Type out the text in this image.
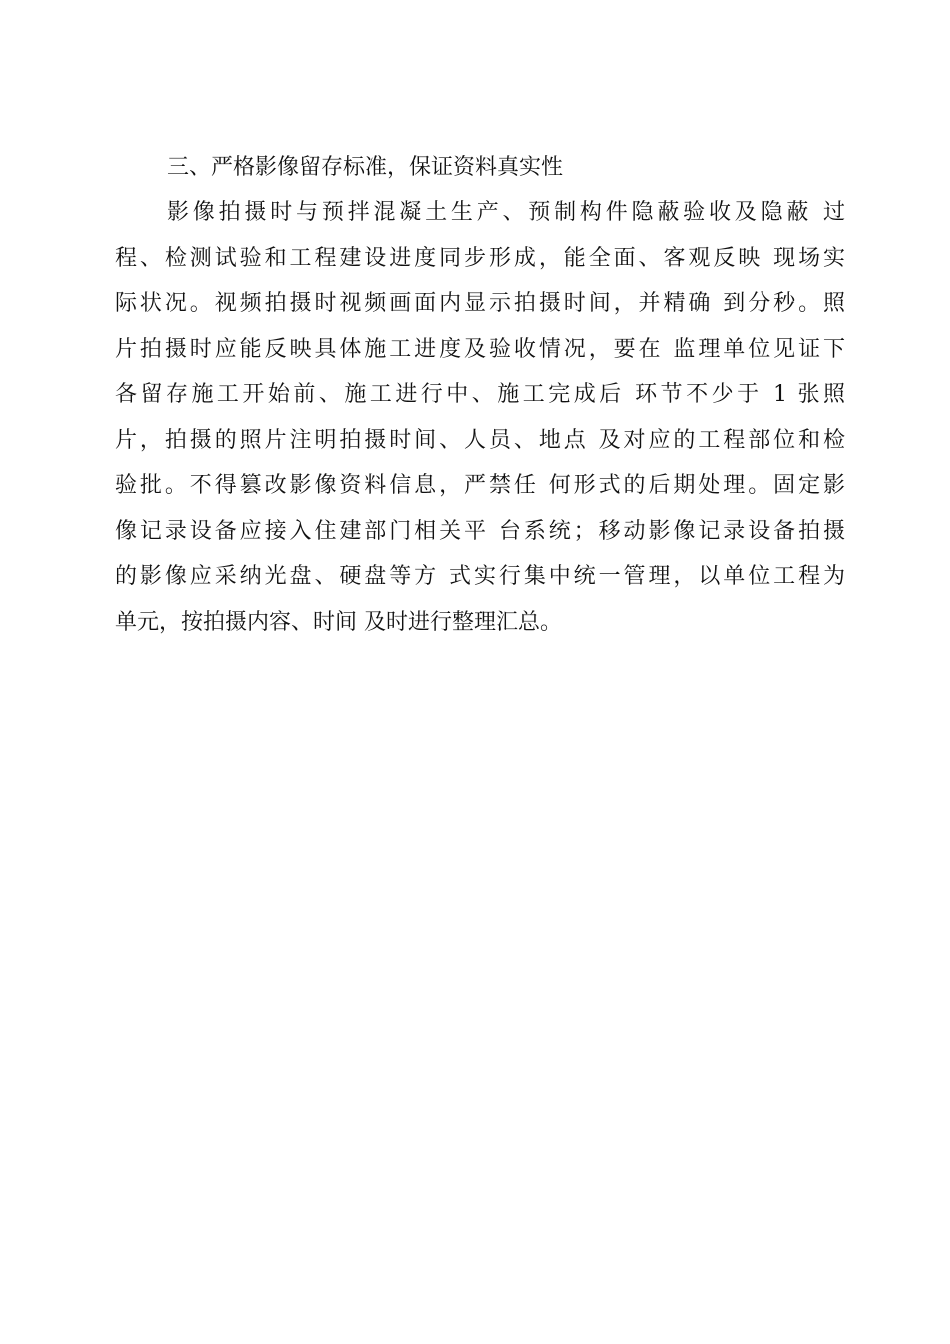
三、严格影像留存标准，保证资料真实性
影像拍摄时与预拌混凝土生产、预制构件隐蔽验收及隐蔽 过
程、检测试验和工程建设进度同步形成，能全面、客观反映 现场实
际状况。视频拍摄时视频画面内显示拍摄时间，并精确 到分秒。照
片拍摄时应能反映具体施工进度及验收情况，要在 监理单位见证下
各留存施工开始前、施工进行中、施工完成后 环节不少于 1 张照
片，拍摄的照片注明拍摄时间、人员、地点 及对应的工程部位和检
验批。不得篡改影像资料信息，严禁任 何形式的后期处理。固定影
像记录设备应接入住建部门相关平 台系统；移动影像记录设备拍摄
的影像应采纳光盘、硬盘等方 式实行集中统一管理，以单位工程为
单元，按拍摄内容、时间 及时进行整理汇总。
